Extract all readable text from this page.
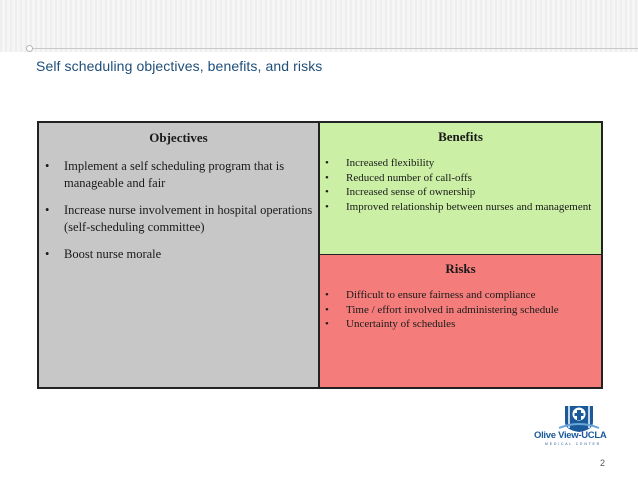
Self scheduling objectives, benefits, and risks
Objectives
• Implement a self scheduling program that is manageable and fair
• Increase nurse involvement in hospital operations (self-scheduling committee)
• Boost nurse morale
Benefits
• Increased flexibility
• Reduced number of call-offs
• Increased sense of ownership
• Improved relationship between nurses and management
Risks
• Difficult to ensure fairness and compliance
• Time / effort involved in administering schedule
• Uncertainty of schedules
Olive View-UCLA
MEDICAL CENTER
2
